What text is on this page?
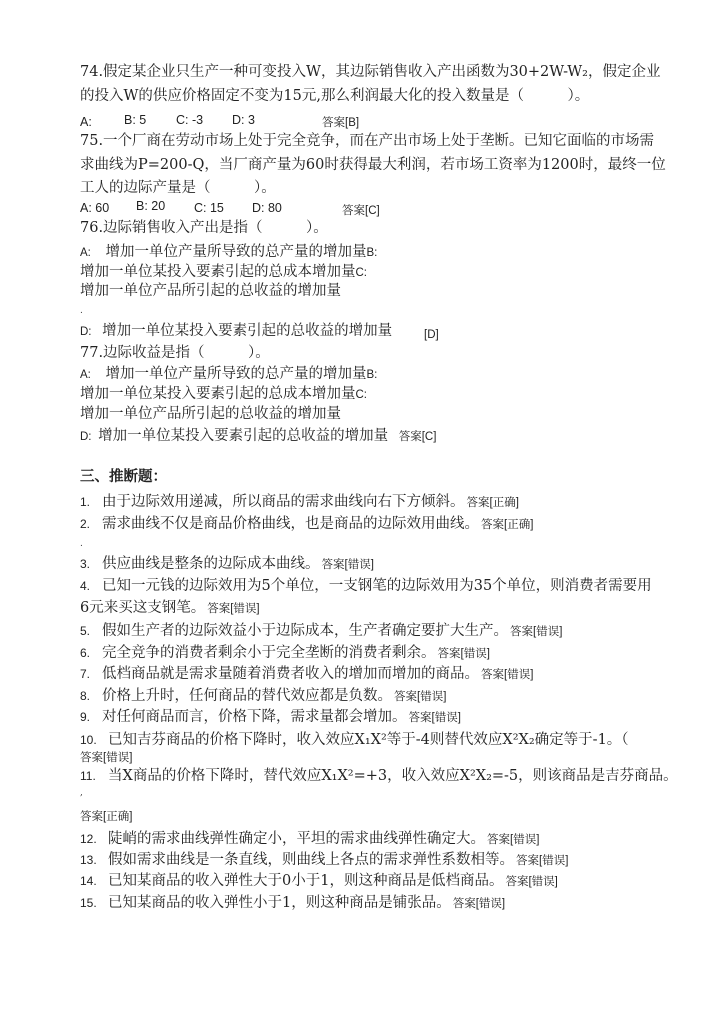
74.假定某企业只生产一种可变投入W，其边际销售收入产出函数为30+2W-W₂，假定企业
的投入W的供应价格固定不变为15元,那么利润最大化的投入数量是（　　　）。
A:	B: 5 C: -3 D: 3	答案[B]
75.一个厂商在劳动市场上处于完全竞争，而在产出市场上处于垄断。已知它面临的市场需
求曲线为P=200-Q，当厂商产量为60时获得最大利润，若市场工资率为1200时，最终一位
工人的边际产量是（　　　）。
A: 60 B: 20 C: 15 D: 80	答案[C]
76.边际销售收入产出是指（　　　）。
A: 增加一单位产量所导致的总产量的增加量B:
增加一单位某投入要素引起的总成本增加量C:
增加一单位产品所引起的总收益的增加量
.
D: 增加一单位某投入要素引起的总收益的增加量	[D]
77.边际收益是指（　　　）。
A: 增加一单位产量所导致的总产量的增加量B:
增加一单位某投入要素引起的总成本增加量C:
增加一单位产品所引起的总收益的增加量
D: 增加一单位某投入要素引起的总收益的增加量 答案[C]
三、推断题：
1. 由于边际效用递减，所以商品的需求曲线向右下方倾斜。 答案[正确]
2. 需求曲线不仅是商品价格曲线，也是商品的边际效用曲线。 答案[正确]
3. 供应曲线是整条的边际成本曲线。 答案[错误]
4. 已知一元钱的边际效用为5个单位，一支钢笔的边际效用为35个单位，则消费者需要用
6元来买这支钢笔。 答案[错误]
5. 假如生产者的边际效益小于边际成本，生产者确定要扩大生产。 答案[错误]
6. 完全竞争的消费者剩余小于完全垄断的消费者剩余。 答案[错误]
7. 低档商品就是需求量随着消费者收入的增加而增加的商品。 答案[错误]
8. 价格上升时，任何商品的替代效应都是负数。 答案[错误]
9. 对任何商品而言，价格下降，需求量都会增加。 答案[错误]
10. 已知吉芬商品的价格下降时，收入效应X₁X²等于-4则替代效应X²X₂确定等于-1。（
答案[错误]
11. 当X商品的价格下降时，替代效应X₁X²=+3，收入效应X²X₂=-5，则该商品是吉芬商品。
,
答案[正确]
12. 陡峭的需求曲线弹性确定小，平坦的需求曲线弹性确定大。 答案[错误]
13. 假如需求曲线是一条直线，则曲线上各点的需求弹性系数相等。 答案[错误]
14. 已知某商品的收入弹性大于0小于1，则这种商品是低档商品。 答案[错误]
15. 已知某商品的收入弹性小于1，则这种商品是铺张品。 答案[错误]
.
